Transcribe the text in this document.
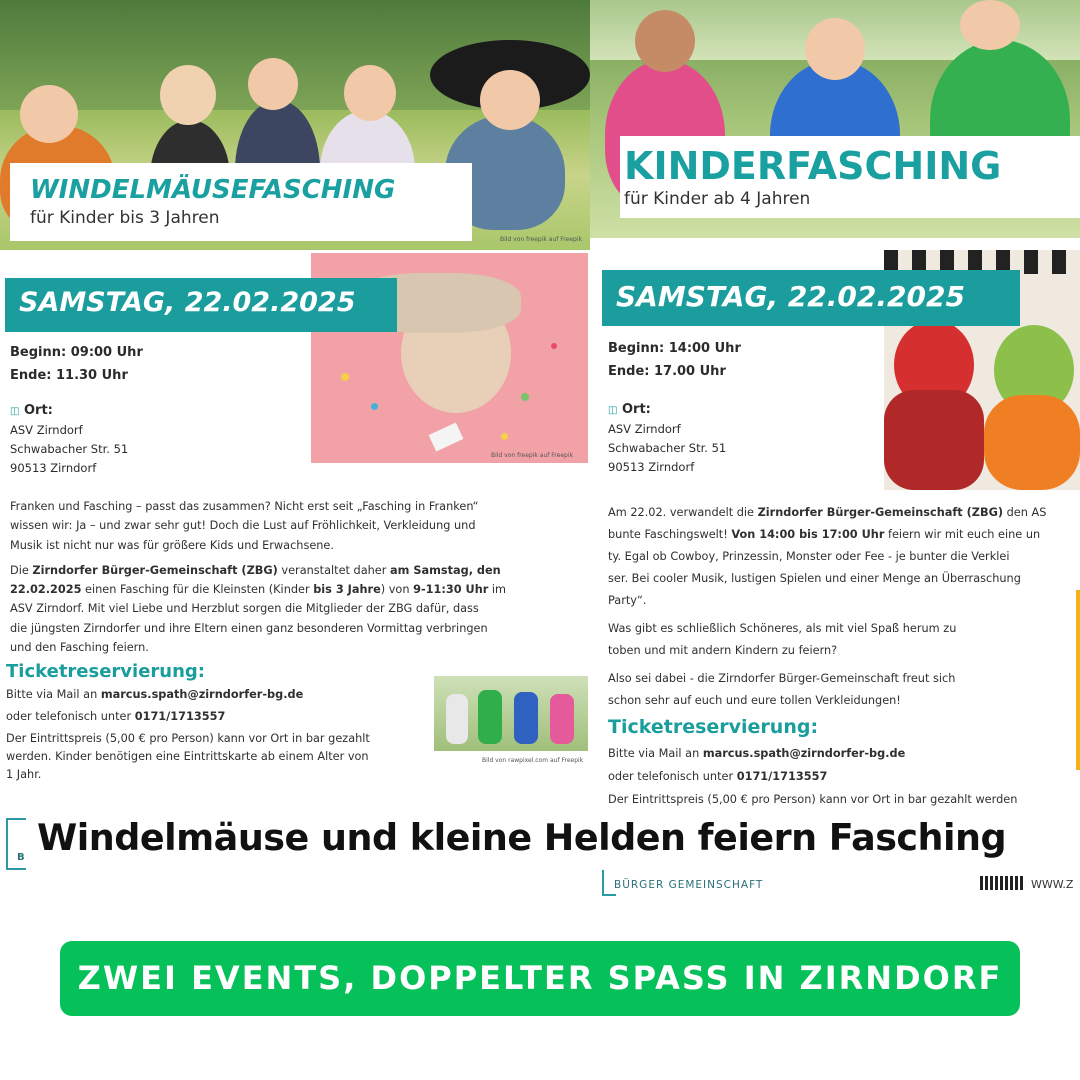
WINDELMÄUSEFASCHING
für Kinder bis 3 Jahren
Bild von freepik auf Freepik
Bild von freepik auf Freepik
SAMSTAG, 22.02.2025
Beginn: 09:00 Uhr
Ende: 11.30 Uhr
◫ Ort:
ASV Zirndorf
Schwabacher Str. 51
90513 Zirndorf
Franken und Fasching – passt das zusammen? Nicht erst seit „Fasching in Franken“
wissen wir: Ja – und zwar sehr gut! Doch die Lust auf Fröhlichkeit, Verkleidung und
Musik ist nicht nur was für größere Kids und Erwachsene.
Die Zirndorfer Bürger-Gemeinschaft (ZBG) veranstaltet daher am Samstag, den
22.02.2025 einen Fasching für die Kleinsten (Kinder bis 3 Jahre) von 9-11:30 Uhr im
ASV Zirndorf. Mit viel Liebe und Herzblut sorgen die Mitglieder der ZBG dafür, dass
die jüngsten Zirndorfer und ihre Eltern einen ganz besonderen Vormittag verbringen
und den Fasching feiern.
Ticketreservierung:
Bitte via Mail an marcus.spath@zirndorfer-bg.de
oder telefonisch unter 0171/1713557
Der Eintrittspreis (5,00 € pro Person) kann vor Ort in bar gezahlt
werden. Kinder benötigen eine Eintrittskarte ab einem Alter von
1 Jahr.
Bild von rawpixel.com auf Freepik
KINDERFASCHING
für Kinder ab 4 Jahren
SAMSTAG, 22.02.2025
Beginn: 14:00 Uhr
Ende: 17.00 Uhr
◫ Ort:
ASV Zirndorf
Schwabacher Str. 51
90513 Zirndorf
Am 22.02. verwandelt die Zirndorfer Bürger-Gemeinschaft (ZBG) den AS
bunte Faschingswelt! Von 14:00 bis 17:00 Uhr feiern wir mit euch eine un
ty. Egal ob Cowboy, Prinzessin, Monster oder Fee - je bunter die Verklei
ser. Bei cooler Musik, lustigen Spielen und einer Menge an Überraschung
Party“.
Was gibt es schließlich Schöneres, als mit viel Spaß herum zu
toben und mit andern Kindern zu feiern?
Also sei dabei - die Zirndorfer Bürger-Gemeinschaft freut sich
schon sehr auf euch und eure tollen Verkleidungen!
Ticketreservierung:
Bitte via Mail an marcus.spath@zirndorfer-bg.de
oder telefonisch unter 0171/1713557
Der Eintrittspreis (5,00 € pro Person) kann vor Ort in bar gezahlt werden
B Windelmäuse und kleine Helden feiern Fasching
BÜRGER GEMEINSCHAFT	WWW.Z
ZWEI EVENTS, DOPPELTER SPASS IN ZIRNDORF
